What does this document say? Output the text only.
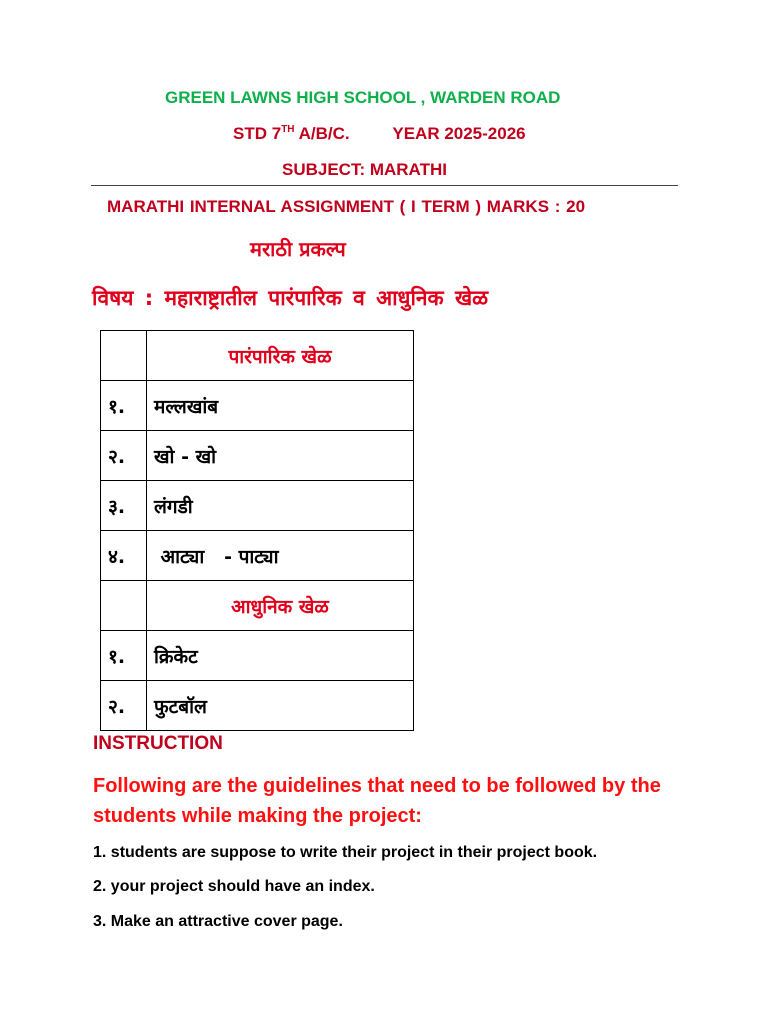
GREEN LAWNS HIGH SCHOOL , WARDEN ROAD
STD 7TH A/B/C.	YEAR 2025-2026
SUBJECT: MARATHI
MARATHI INTERNAL ASSIGNMENT ( I TERM ) MARKS : 20
मराठी प्रकल्प
विषय : महाराष्ट्रातील पारंपारिक व आधुनिक खेळ
	पारंपारिक खेळ
१.	मल्लखांब
२.	खो - खो
३.	लंगडी
४.	आट्या   - पाट्या
	आधुनिक खेळ
१.	क्रिकेट
२.	फुटबॉल
INSTRUCTION
Following are the guidelines that need to be followed by the students while making the project:
1. students are suppose to write their project in their project book.
2. your project should have an index.
3. Make an attractive cover page.
